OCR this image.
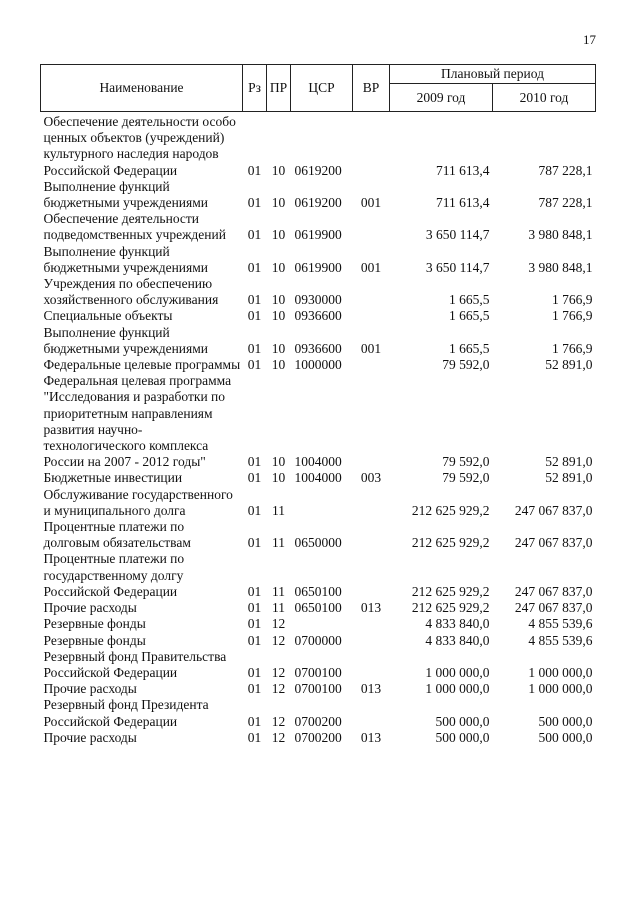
17
Наименование	Рз	ПР	ЦСР	ВР	Плановый период	
					2009 год	2010 год
Обеспечение деятельности особо ценных объектов (учреждений) культурного наследия народов Российской Федерации	01	10	0619200		711 613,4	787 228,1
Выполнение функций бюджетными учреждениями	01	10	0619200	001	711 613,4	787 228,1
Обеспечение деятельности подведомственных учреждений	01	10	0619900		3 650 114,7	3 980 848,1
Выполнение функций бюджетными учреждениями	01	10	0619900	001	3 650 114,7	3 980 848,1
Учреждения по обеспечению хозяйственного обслуживания	01	10	0930000		1 665,5	1 766,9
Специальные объекты	01	10	0936600		1 665,5	1 766,9
Выполнение функций бюджетными учреждениями	01	10	0936600	001	1 665,5	1 766,9
Федеральные целевые программы	01	10	1000000		79 592,0	52 891,0
Федеральная целевая программа "Исследования и разработки по приоритетным направлениям развития научно-технологического комплекса России на 2007 - 2012 годы"	01	10	1004000		79 592,0	52 891,0
Бюджетные инвестиции	01	10	1004000	003	79 592,0	52 891,0
Обслуживание государственного и муниципального долга	01	11			212 625 929,2	247 067 837,0
Процентные платежи по долговым обязательствам	01	11	0650000		212 625 929,2	247 067 837,0
Процентные платежи по государственному долгу Российской Федерации	01	11	0650100		212 625 929,2	247 067 837,0
Прочие расходы	01	11	0650100	013	212 625 929,2	247 067 837,0
Резервные фонды	01	12			4 833 840,0	4 855 539,6
Резервные фонды	01	12	0700000		4 833 840,0	4 855 539,6
Резервный фонд Правительства Российской Федерации	01	12	0700100		1 000 000,0	1 000 000,0
Прочие расходы	01	12	0700100	013	1 000 000,0	1 000 000,0
Резервный фонд Президента Российской Федерации	01	12	0700200		500 000,0	500 000,0
Прочие расходы	01	12	0700200	013	500 000,0	500 000,0
